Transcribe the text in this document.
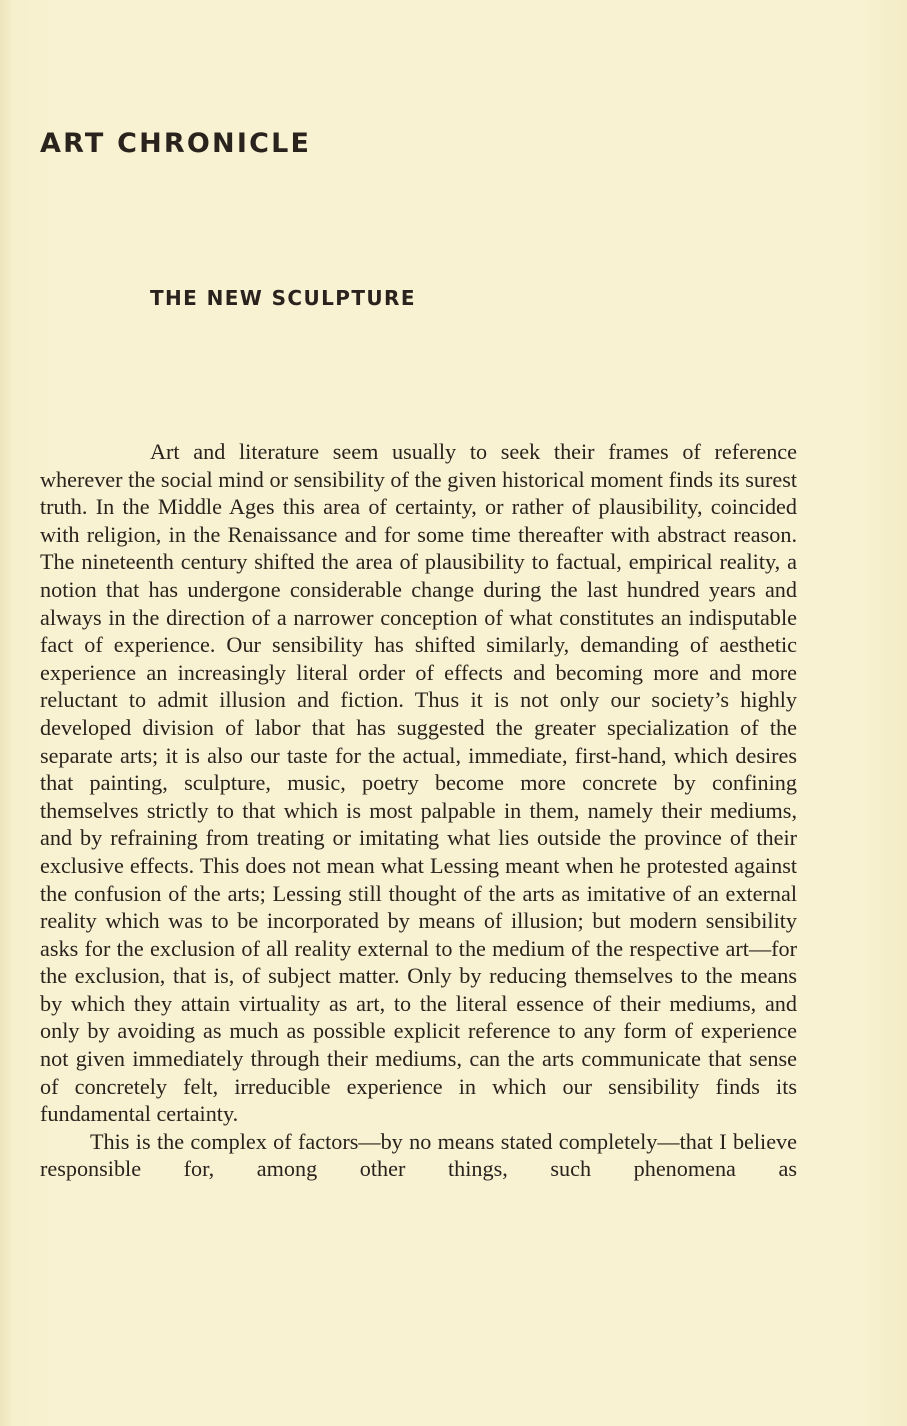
ART CHRONICLE
THE NEW SCULPTURE

Art and literature seem usually to seek their frames of reference wherever the social mind or sensibility of the given historical moment finds its surest truth. In the Middle Ages this area of certainty, or rather of plausibility, coincided with religion, in the Renaissance and for some time thereafter with abstract reason. The nineteenth century shifted the area of plausibility to factual, empirical reality, a notion that has undergone considerable change during the last hundred years and always in the direction of a narrower conception of what constitutes an indisputable fact of experience. Our sensibility has shifted similarly, demanding of aesthetic experience an increasingly literal order of effects and becoming more and more reluctant to admit illusion and fiction. Thus it is not only our society’s highly developed division of labor that has suggested the greater specialization of the separate arts; it is also our taste for the actual, immediate, first-hand, which desires that painting, sculpture, music, poetry become more concrete by confining themselves strictly to that which is most palpable in them, namely their mediums, and by refraining from treating or imitating what lies outside the province of their exclusive effects. This does not mean what Lessing meant when he protested against the confusion of the arts; Lessing still thought of the arts as imitative of an external reality which was to be incorporated by means of illusion; but modern sensibility asks for the exclusion of all reality external to the medium of the respective art—for the exclusion, that is, of subject matter. Only by reducing themselves to the means by which they attain virtuality as art, to the literal essence of their mediums, and only by avoiding as much as possible explicit reference to any form of experience not given immediately through their mediums, can the arts communicate that sense of concretely felt, irreducible experience in which our sensibility finds its fundamental certainty.

This is the complex of factors—by no means stated completely—that I believe responsible for, among other things, such phenomena as
